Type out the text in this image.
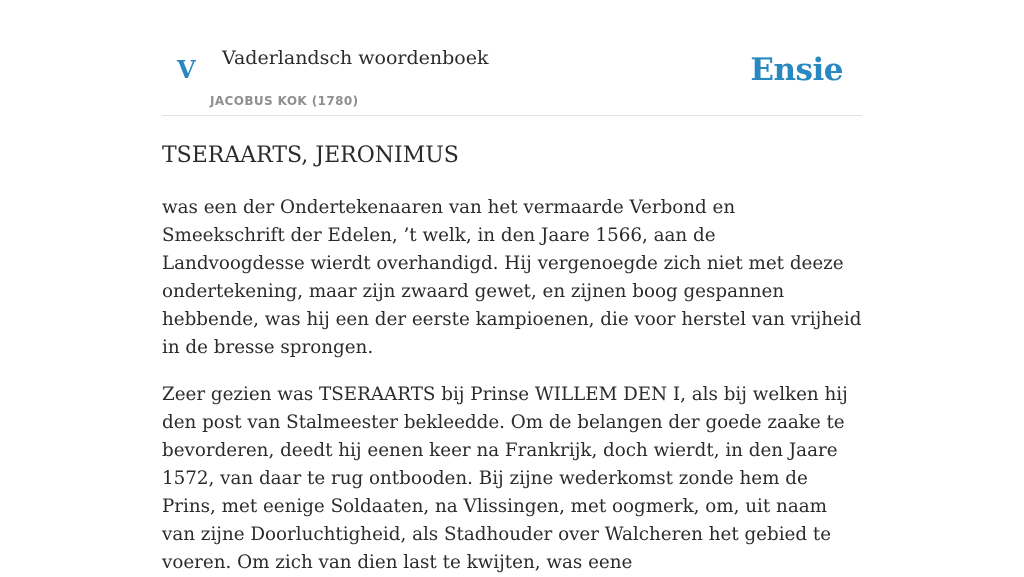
V Vaderlandsch woordenboek
JACOBUS KOK (1780)
Ensie
TSERAARTS, JERONIMUS

was een der Ondertekenaaren van het vermaarde Verbond en Smeekschrift der Edelen, ’t welk, in den Jaare 1566, aan de Landvoogdesse wierdt overhandigd. Hij vergenoegde zich niet met deeze ondertekening, maar zijn zwaard gewet, en zijnen boog gespannen hebbende, was hij een der eerste kampioenen, die voor herstel van vrijheid in de bresse sprongen.

Zeer gezien was TSERAARTS bij Prinse WILLEM DEN I, als bij welken hij den post van Stalmeester bekleedde. Om de belangen der goede zaake te bevorderen, deedt hij eenen keer na Frankrijk, doch wierdt, in den Jaare 1572, van daar te rug ontbooden. Bij zijne wederkomst zonde hem de Prins, met eenige Soldaaten, na Vlissingen, met oogmerk, om, uit naam van zijne Doorluchtigheid, als Stadhouder over Walcheren het gebied te voeren. Om zich van dien last te kwijten, was eene
